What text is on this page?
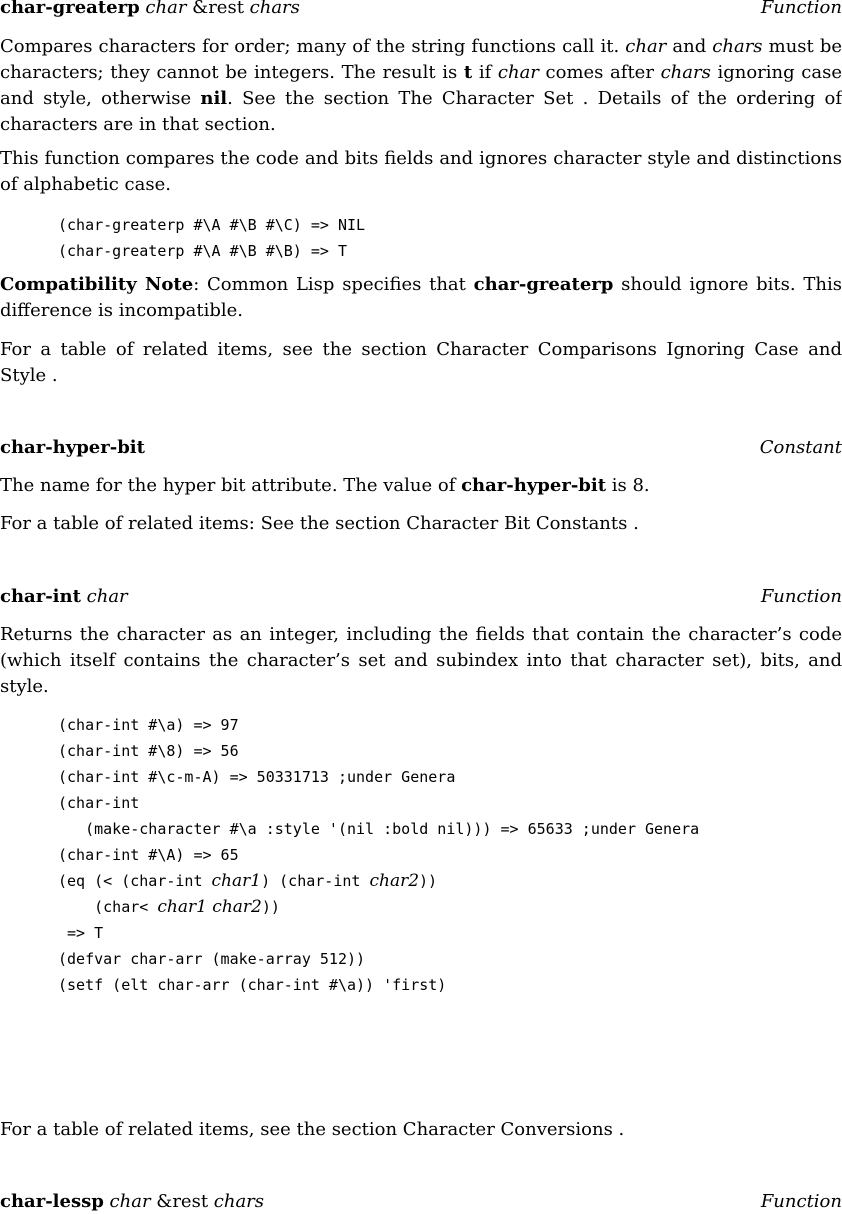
char-greaterp char &rest chars	Function

Compares characters for order; many of the string functions call it. char and chars must be characters; they cannot be integers. The result is t if char comes after chars ignoring case and style, otherwise nil. See the section The Character Set . Details of the ordering of characters are in that section.

This function compares the code and bits fields and ignores character style and distinctions of alphabetic case.

(char-greaterp #\A #\B #\C) => NIL
(char-greaterp #\A #\B #\B) => T

Compatibility Note: Common Lisp specifies that char-greaterp should ignore bits. This difference is incompatible.

For a table of related items, see the section Character Comparisons Ignoring Case and Style .

char-hyper-bit	Constant

The name for the hyper bit attribute. The value of char-hyper-bit is 8.

For a table of related items: See the section Character Bit Constants .

char-int char	Function

Returns the character as an integer, including the fields that contain the character’s code (which itself contains the character’s set and subindex into that character set), bits, and style.

(char-int #\a) => 97
(char-int #\8) => 56
(char-int #\c-m-A) => 50331713 ;under Genera
(char-int
(make-character #\a :style '(nil :bold nil))) => 65633 ;under Genera
(char-int #\A) => 65
(eq (< (char-int char1) (char-int char2))
(char< char1 char2))
=> T
(defvar char-arr (make-array 512))
(setf (elt char-arr (char-int #\a)) 'first)

For a table of related items, see the section Character Conversions .

char-lessp char &rest chars	Function
